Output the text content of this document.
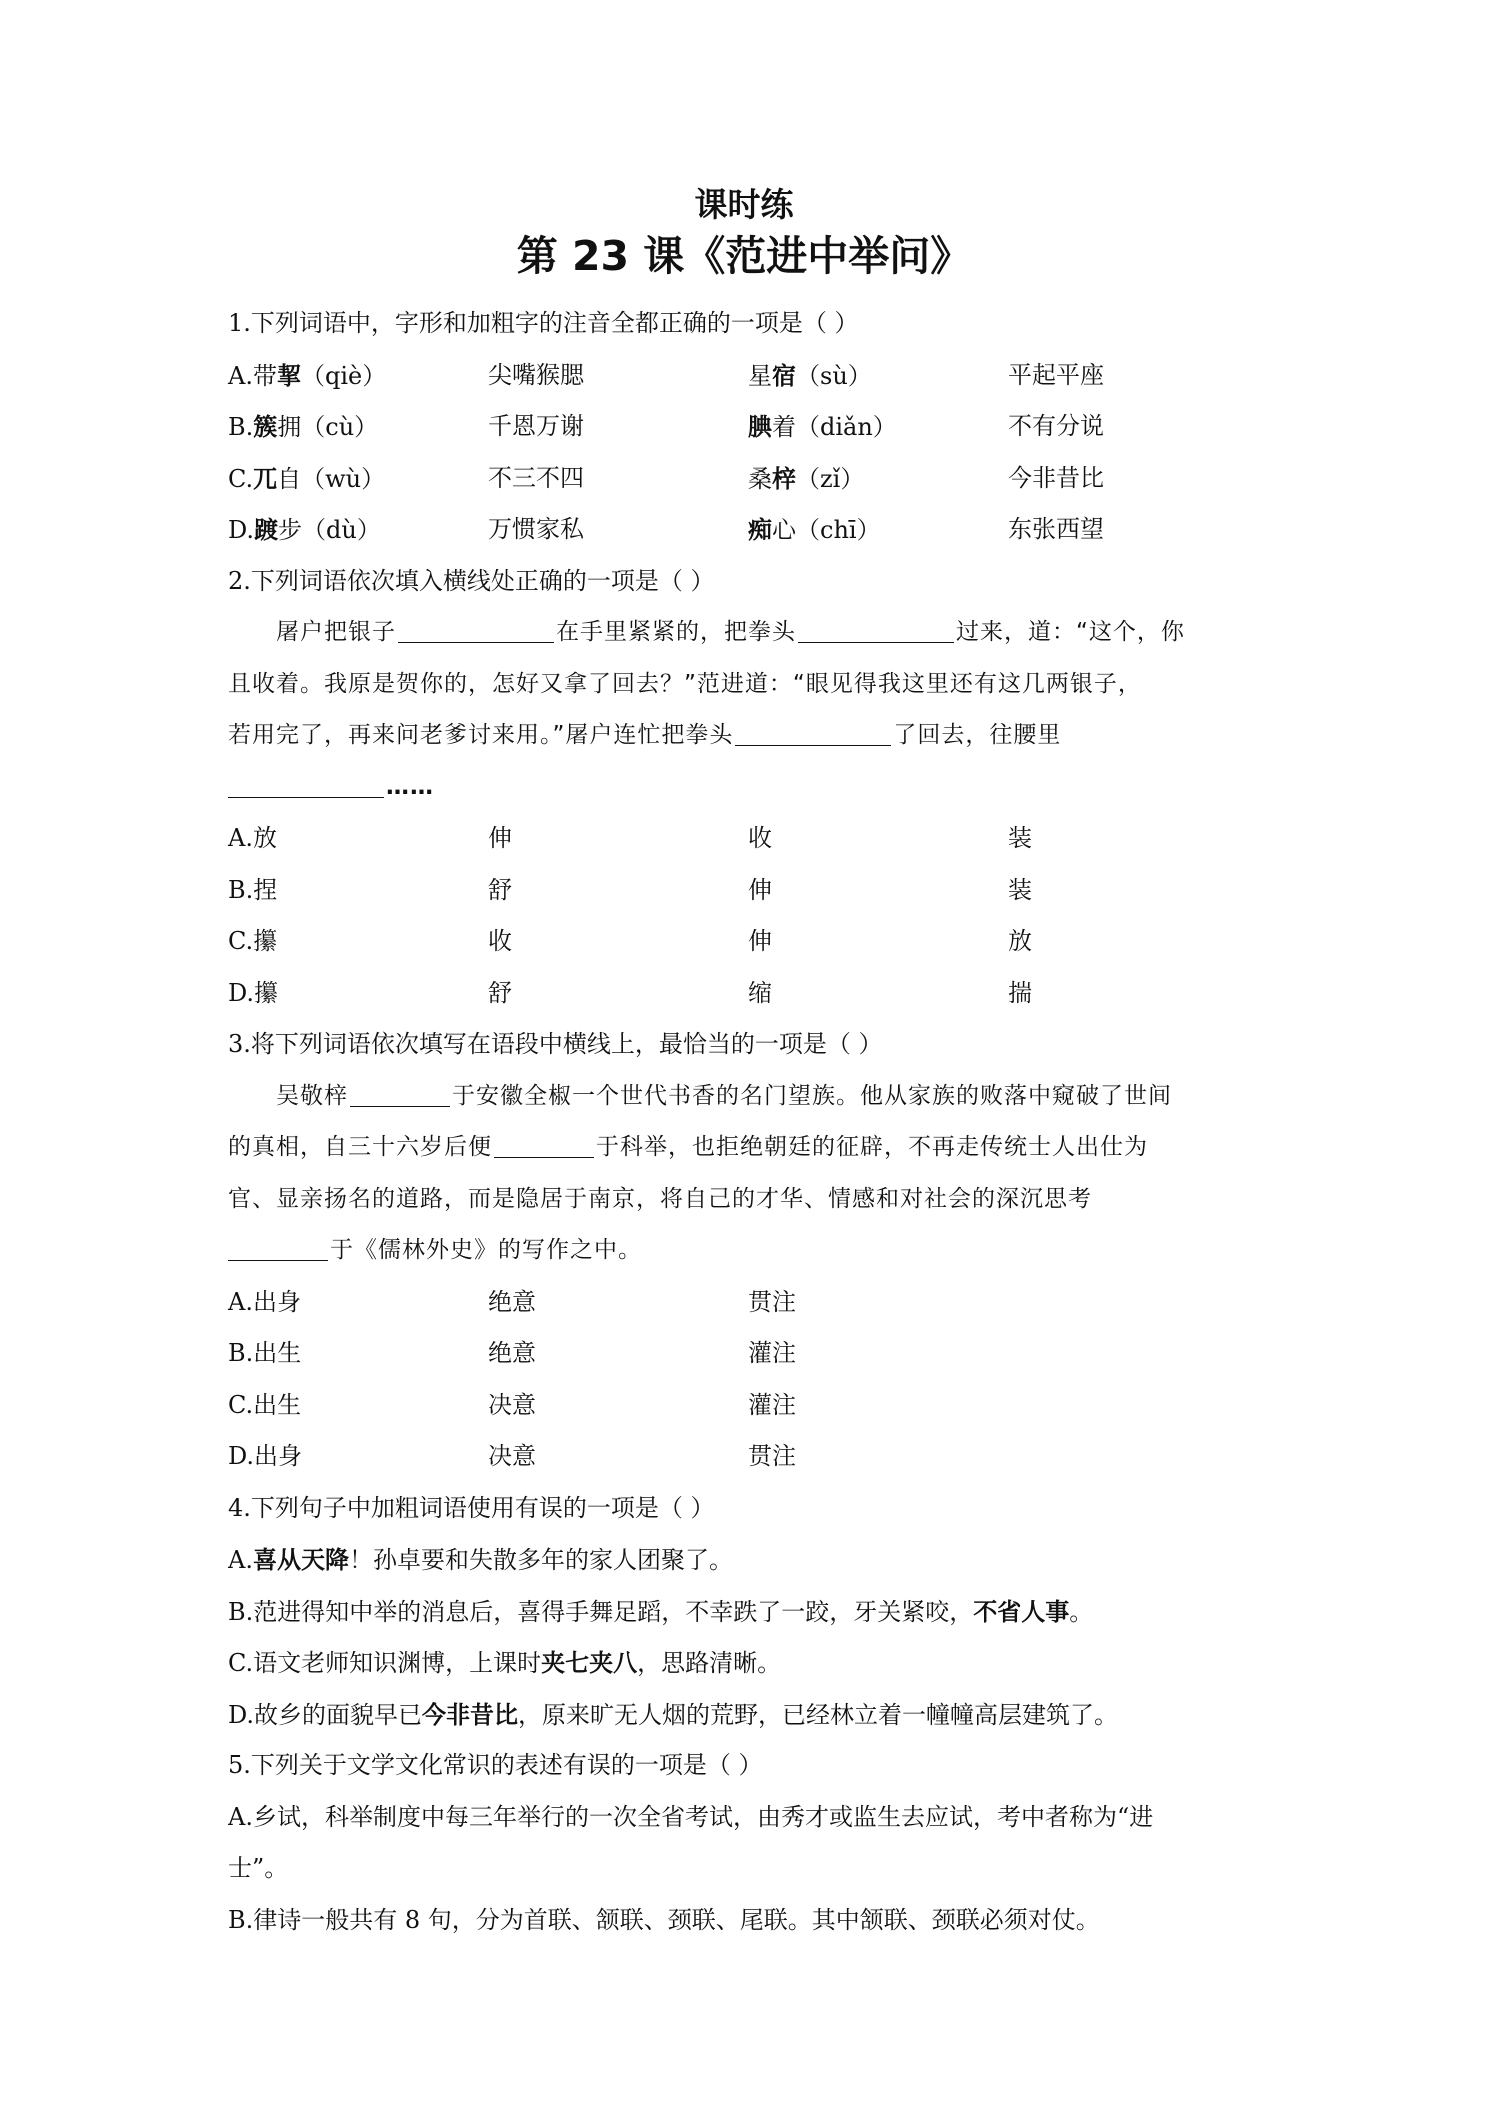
课时练
第 23 课《范进中举问》
1.下列词语中，字形和加粗字的注音全都正确的一项是（ ）
A.带挈（qiè）	尖嘴猴腮	星宿（sù）	平起平座
B.簇拥（cù）	千恩万谢	腆着（diǎn）	不有分说
C.兀自（wù）	不三不四	桑梓（zǐ）	今非昔比
D.踱步（dù）	万惯家私	痴心（chī）	东张西望
2.下列词语依次填入横线处正确的一项是（ ）
屠户把银子	在手里紧紧的，把拳头	过来，道：“这个，你
且收着。我原是贺你的，怎好又拿了回去？”范进道：“眼见得我这里还有这几两银子，
若用完了，再来问老爹讨来用。”屠户连忙把拳头	了回去，往腰里
……
A.放	伸	收	装
B.捏	舒	伸	装
C.攥	收	伸	放
D.攥	舒	缩	揣
3.将下列词语依次填写在语段中横线上，最恰当的一项是（ ）
吴敬梓	于安徽全椒一个世代书香的名门望族。他从家族的败落中窥破了世间
的真相，自三十六岁后便	于科举，也拒绝朝廷的征辟，不再走传统士人出仕为
官、显亲扬名的道路，而是隐居于南京，将自己的才华、情感和对社会的深沉思考
于《儒林外史》的写作之中。
A.出身	绝意	贯注
B.出生	绝意	灌注
C.出生	决意	灌注
D.出身	决意	贯注
4.下列句子中加粗词语使用有误的一项是（ ）
A.喜从天降！孙卓要和失散多年的家人团聚了。
B.范进得知中举的消息后，喜得手舞足蹈，不幸跌了一跤，牙关紧咬，不省人事。
C.语文老师知识渊博，上课时夹七夹八，思路清晰。
D.故乡的面貌早已今非昔比，原来旷无人烟的荒野，已经林立着一幢幢高层建筑了。
5.下列关于文学文化常识的表述有误的一项是（ ）
A.乡试，科举制度中每三年举行的一次全省考试，由秀才或监生去应试，考中者称为“进
士”。
B.律诗一般共有 8 句，分为首联、颔联、颈联、尾联。其中颔联、颈联必须对仗。
